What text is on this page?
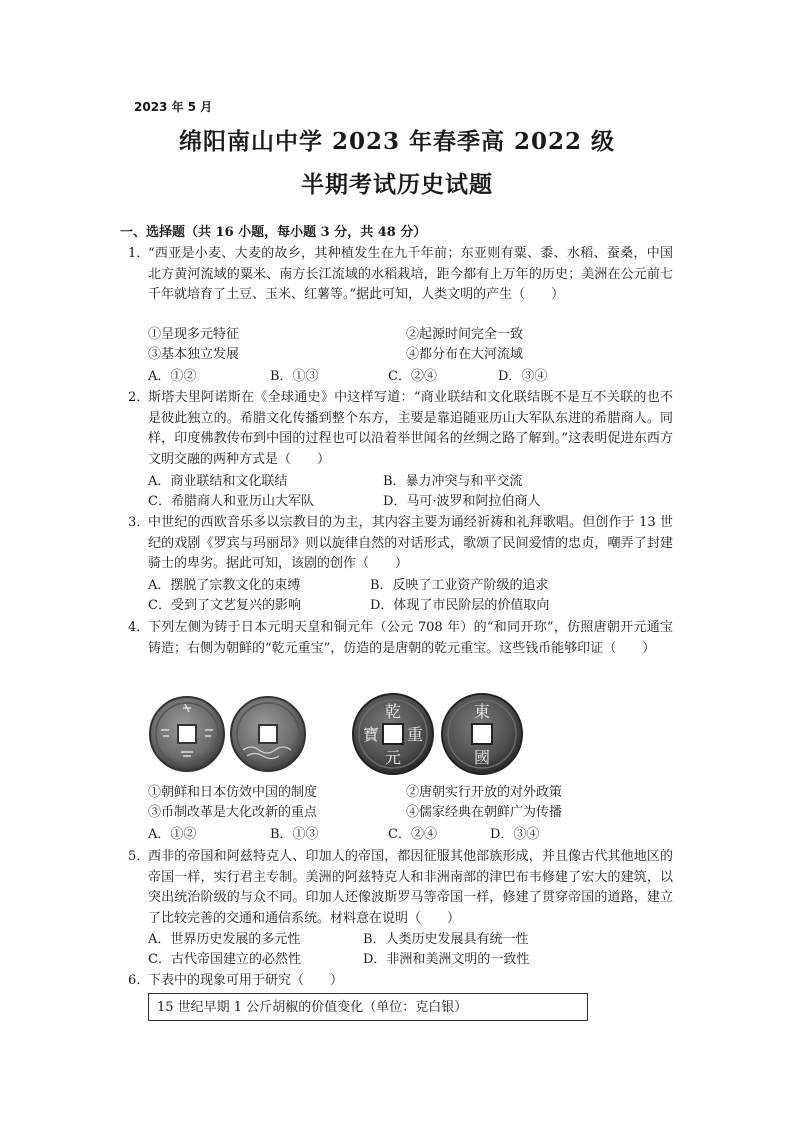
2023 年 5 月
绵阳南山中学 2023 年春季高 2022 级
半期考试历史试题
一、选择题（共 16 小题，每小题 3 分，共 48 分）
1．
“西亚是小麦、大麦的故乡，其种植发生在九千年前；东亚则有粟、黍、水稻、蚕桑，中国北方黄河流域的粟米、南方长江流域的水稻栽培，距今都有上万年的历史；美洲在公元前七千年就培育了土豆、玉米、红薯等。”据此可知，人类文明的产生（　　）
①呈现多元特征	②起源时间完全一致
③基本独立发展	④都分布在大河流域
A．①②	B．①③	C．②④	D．③④
2．
斯塔夫里阿诺斯在《全球通史》中这样写道：“商业联结和文化联结既不是互不关联的也不是彼此独立的。希腊文化传播到整个东方，主要是靠追随亚历山大军队东进的希腊商人。同样，印度佛教传布到中国的过程也可以沿着举世闻名的丝绸之路了解到。”这表明促进东西方文明交融的两种方式是（　　）
A．商业联结和文化联结	B．暴力冲突与和平交流
C．希腊商人和亚历山大军队	D．马可·波罗和阿拉伯商人
3．
中世纪的西欧音乐多以宗教目的为主，其内容主要为诵经祈祷和礼拜歌唱。但创作于 13 世纪的戏剧《罗宾与玛丽昂》则以旋律自然的对话形式，歌颂了民间爱情的忠贞，嘲弄了封建骑士的卑劣。据此可知，该剧的创作（　　）
A．摆脱了宗教文化的束缚	B．反映了工业资产阶级的追求
C．受到了文艺复兴的影响	D．体现了市民阶层的价值取向
4．
下列左侧为铸于日本元明天皇和铜元年（公元 708 年）的“和同开珎”，仿照唐朝开元通宝铸造；右侧为朝鲜的“乾元重宝”，仿造的是唐朝的乾元重宝。这些钱币能够印证（　　）
乾
元
重
寶
東
國
①朝鲜和日本仿效中国的制度	②唐朝实行开放的对外政策
③币制改革是大化改新的重点	④儒家经典在朝鲜广为传播
A．①②	B．①③	C．②④	D．③④
5．
西非的帝国和阿兹特克人、印加人的帝国，都因征服其他部族形成，并且像古代其他地区的帝国一样，实行君主专制。美洲的阿兹特克人和非洲南部的津巴布韦修建了宏大的建筑，以突出统治阶级的与众不同。印加人还像波斯罗马等帝国一样，修建了贯穿帝国的道路，建立了比较完善的交通和通信系统。材料意在说明（　　）
A．世界历史发展的多元性	B．人类历史发展具有统一性
C．古代帝国建立的必然性	D．非洲和美洲文明的一致性
6．
下表中的现象可用于研究（　　）
15 世纪早期 1 公斤胡椒的价值变化（单位：克白银）
